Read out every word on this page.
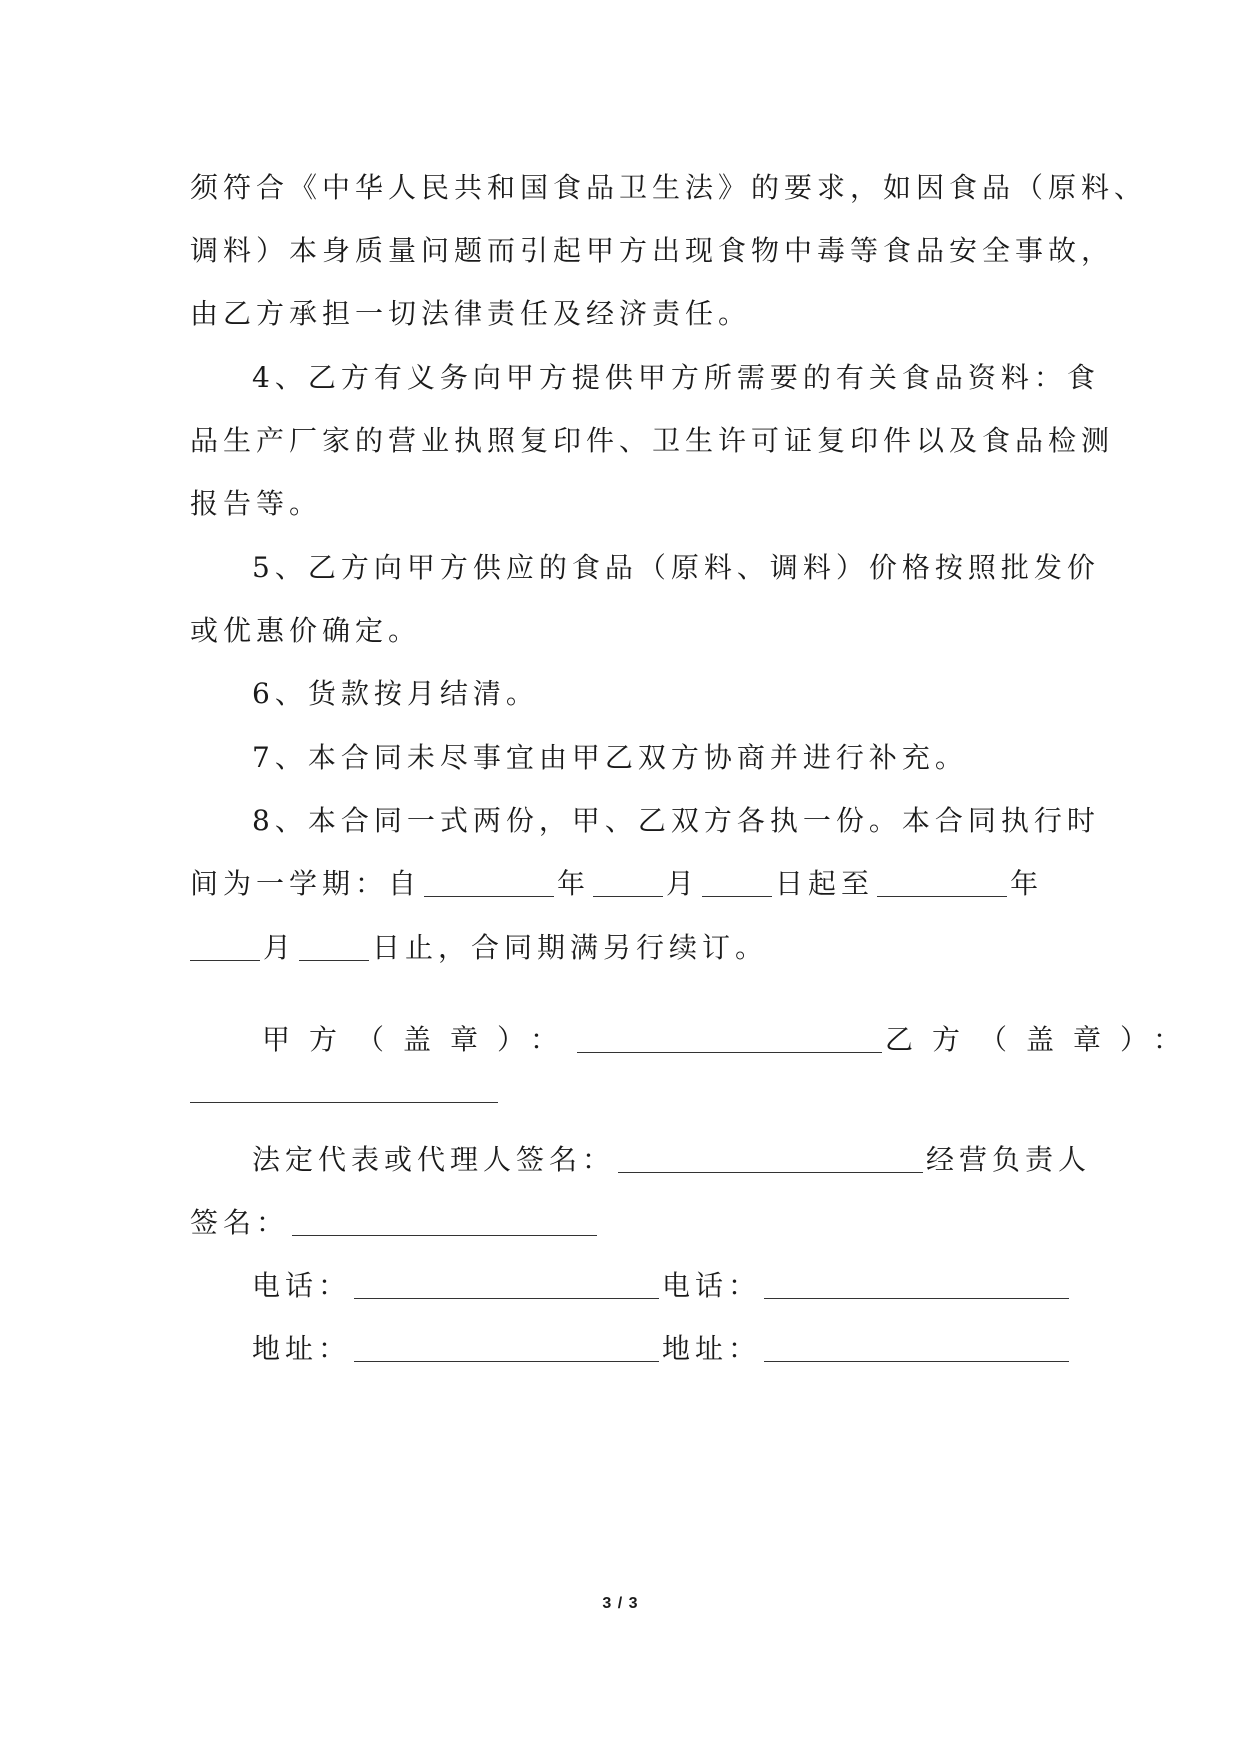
须符合《中华人民共和国食品卫生法》的要求，如因食品（原料、
调料）本身质量问题而引起甲方出现食物中毒等食品安全事故，
由乙方承担一切法律责任及经济责任。
4、乙方有义务向甲方提供甲方所需要的有关食品资料：食
品生产厂家的营业执照复印件、卫生许可证复印件以及食品检测
报告等。
5、乙方向甲方供应的食品（原料、调料）价格按照批发价
或优惠价确定。
6、货款按月结清。
7、本合同未尽事宜由甲乙双方协商并进行补充。
8、本合同一式两份，甲、乙双方各执一份。本合同执行时
间为一学期：自	年	月	日起至	年
月	日止，合同期满另行续订。
甲方（盖章）：	乙方（盖章）：
法定代表或代理人签名：	经营负责人
签名：
电话：	电话：
地址：	地址：
3 / 3
